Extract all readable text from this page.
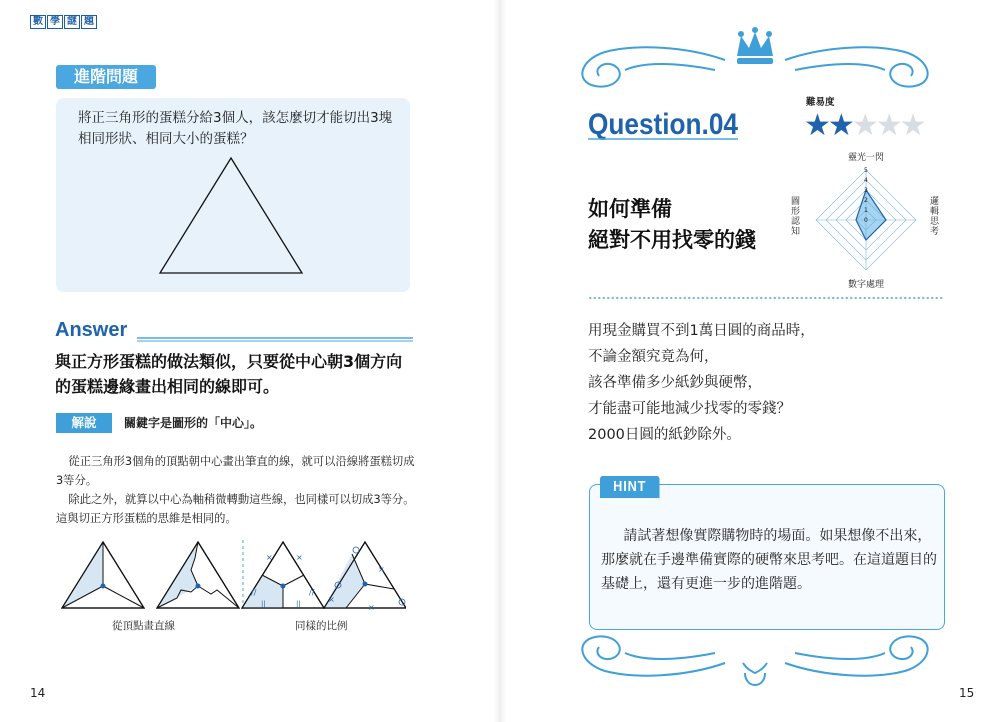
數 學 謎 題
進階問題
將正三角形的蛋糕分給3個人，該怎麼切才能切出3塊相同形狀、相同大小的蛋糕？
Answer
與正方形蛋糕的做法類似，只要從中心朝3個方向的蛋糕邊緣畫出相同的線即可。
解說	關鍵字是圖形的「中心」。

從正三角形3個角的頂點朝中心畫出筆直的線，就可以沿線將蛋糕切成3等分。

除此之外，就算以中心為軸稍微轉動這些線，也同樣可以切成3等分。這與切正方形蛋糕的思維是相同的。

×	×
//	//
||	||
×
×
×
從頂點畫直線	同樣的比例
14
Question.04
難易度
★★★★★
如何準備
絕對不用找零的錢
靈光一閃
數字處理
圖形認知
邏輯思考
5
4
3
2
1
0
用現金購買不到1萬日圓的商品時，
不論金額究竟為何，
該各準備多少紙鈔與硬幣，
才能盡可能地減少找零的零錢？
2000日圓的紙鈔除外。
HINT
請試著想像實際購物時的場面。如果想像不出來，那麼就在手邊準備實際的硬幣來思考吧。在這道題目的基礎上，還有更進一步的進階題。
15
